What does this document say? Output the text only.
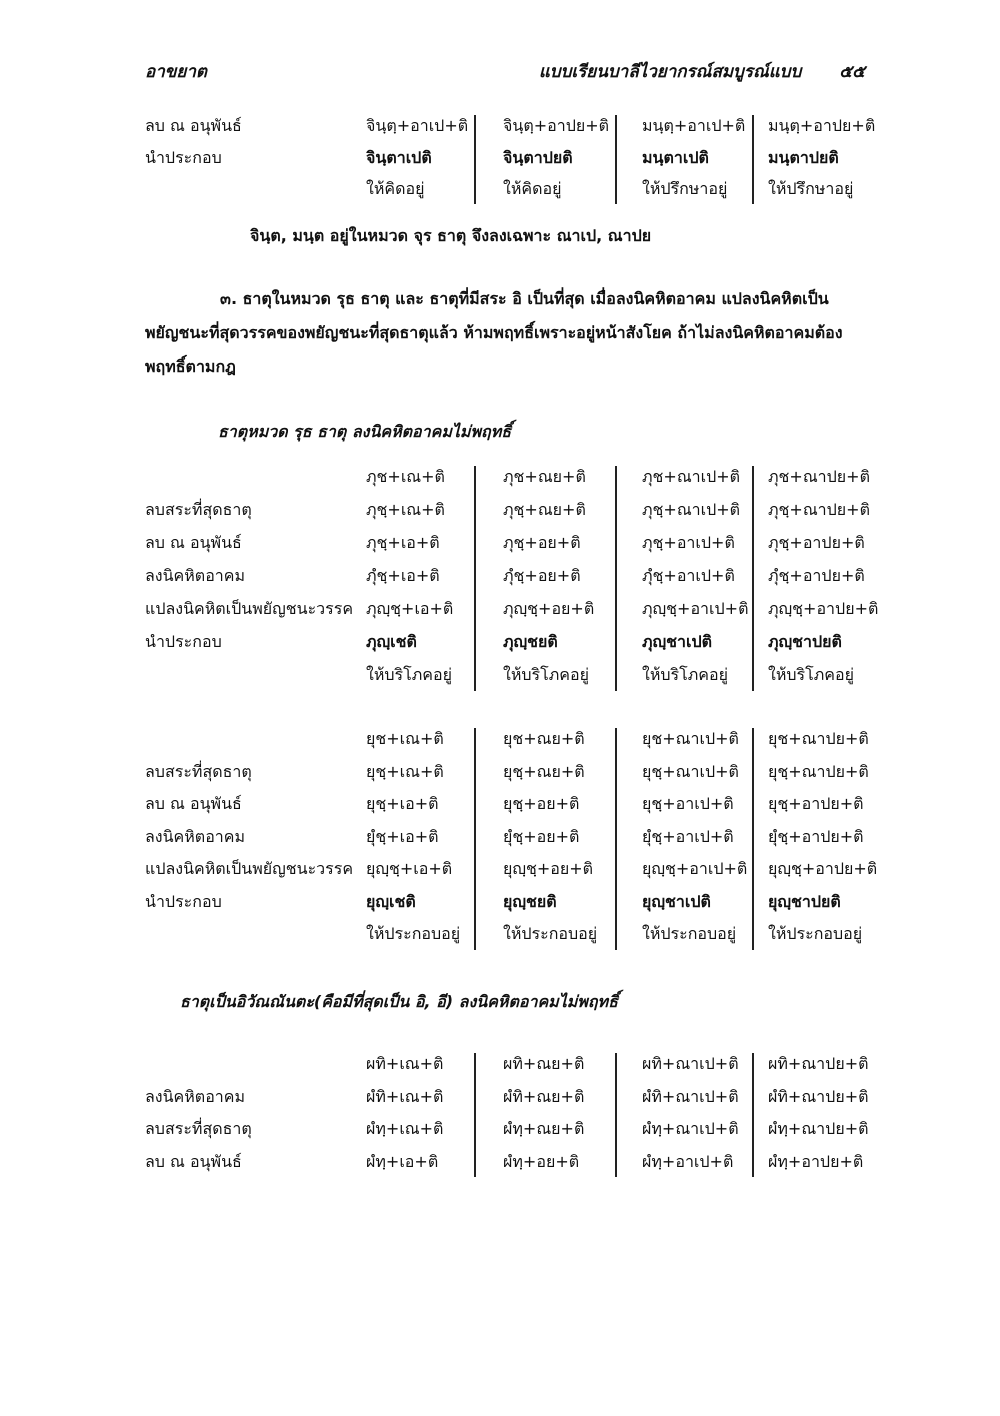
อาขยาต	แบบเรียนบาลีไวยากรณ์สมบูรณ์แบบ ๕๕
ลบ ณ อนุพันธ์	จินฺตฺ+อาเป+ติ จินฺตฺ+อาปย+ติ มนฺตฺ+อาเป+ติ มนฺตฺ+อาปย+ติ
นำประกอบ	จินฺตาเปติ	จินฺตาปยติ	มนฺตาเปติ	มนฺตาปยติ
ให้คิดอยู่	ให้คิดอยู่	ให้ปรึกษาอยู่	ให้ปรึกษาอยู่
จินฺต, มนฺต อยู่ในหมวด จุร ธาตุ จึงลงเฉพาะ ณาเป, ณาปย
๓. ธาตุในหมวด รุธ ธาตุ และ ธาตุที่มีสระ อิ เป็นที่สุด เมื่อลงนิคหิตอาคม แปลงนิคหิตเป็น
พยัญชนะที่สุดวรรคของพยัญชนะที่สุดธาตุแล้ว ห้ามพฤทธิ์เพราะอยู่หน้าสังโยค ถ้าไม่ลงนิคหิตอาคมต้อง
พฤทธิ์ตามกฎ
ธาตุหมวด รุธ ธาตุ ลงนิคหิตอาคมไม่พฤทธิ์
ภุช+เณ+ติ	ภุช+ณย+ติ	ภุช+ณาเป+ติ ภุช+ณาปย+ติ
ลบสระที่สุดธาตุ	ภุชฺ+เณ+ติ	ภุชฺ+ณย+ติ	ภุชฺ+ณาเป+ติ ภุชฺ+ณาปย+ติ
ลบ ณ อนุพันธ์	ภุชฺ+เอ+ติ	ภุชฺ+อย+ติ	ภุชฺ+อาเป+ติ ภุชฺ+อาปย+ติ
ลงนิคหิตอาคม	ภุํชฺ+เอ+ติ	ภุํชฺ+อย+ติ	ภุํชฺ+อาเป+ติ ภุํชฺ+อาปย+ติ
แปลงนิคหิตเป็นพยัญชนะวรรค ภุญฺชฺ+เอ+ติ	ภุญฺชฺ+อย+ติ	ภุญฺชฺ+อาเป+ติ ภุญฺชฺ+อาปย+ติ
นำประกอบ	ภุญฺเชติ	ภุญฺชยติ	ภุญฺชาเปติ	ภุญฺชาปยติ
ให้บริโภคอยู่	ให้บริโภคอยู่	ให้บริโภคอยู่	ให้บริโภคอยู่
ยุช+เณ+ติ	ยุช+ณย+ติ	ยุช+ณาเป+ติ ยุช+ณาปย+ติ
ลบสระที่สุดธาตุ	ยุชฺ+เณ+ติ	ยุชฺ+ณย+ติ	ยุชฺ+ณาเป+ติ ยุชฺ+ณาปย+ติ
ลบ ณ อนุพันธ์	ยุชฺ+เอ+ติ	ยุชฺ+อย+ติ	ยุชฺ+อาเป+ติ ยุชฺ+อาปย+ติ
ลงนิคหิตอาคม	ยุํชฺ+เอ+ติ	ยุํชฺ+อย+ติ	ยุํชฺ+อาเป+ติ ยุํชฺ+อาปย+ติ
แปลงนิคหิตเป็นพยัญชนะวรรค ยุญฺชฺ+เอ+ติ	ยุญฺชฺ+อย+ติ	ยุญฺชฺ+อาเป+ติ ยุญฺชฺ+อาปย+ติ
นำประกอบ	ยุญฺเชติ	ยุญฺชยติ	ยุญฺชาเปติ	ยุญฺชาปยติ
ให้ประกอบอยู่	ให้ประกอบอยู่	ให้ประกอบอยู่ ให้ประกอบอยู่
ธาตุเป็นอิวัณณันตะ(คือมีที่สุดเป็น อิ, อี) ลงนิคหิตอาคมไม่พฤทธิ์
ผทิ+เณ+ติ	ผทิ+ณย+ติ	ผทิ+ณาเป+ติ ผทิ+ณาปย+ติ
ลงนิคหิตอาคม	ผํทิ+เณ+ติ	ผํทิ+ณย+ติ	ผํทิ+ณาเป+ติ ผํทิ+ณาปย+ติ
ลบสระที่สุดธาตุ	ผํทฺ+เณ+ติ	ผํทฺ+ณย+ติ	ผํทฺ+ณาเป+ติ ผํทฺ+ณาปย+ติ
ลบ ณ อนุพันธ์	ผํทฺ+เอ+ติ	ผํทฺ+อย+ติ	ผํทฺ+อาเป+ติ ผํทฺ+อาปย+ติ
